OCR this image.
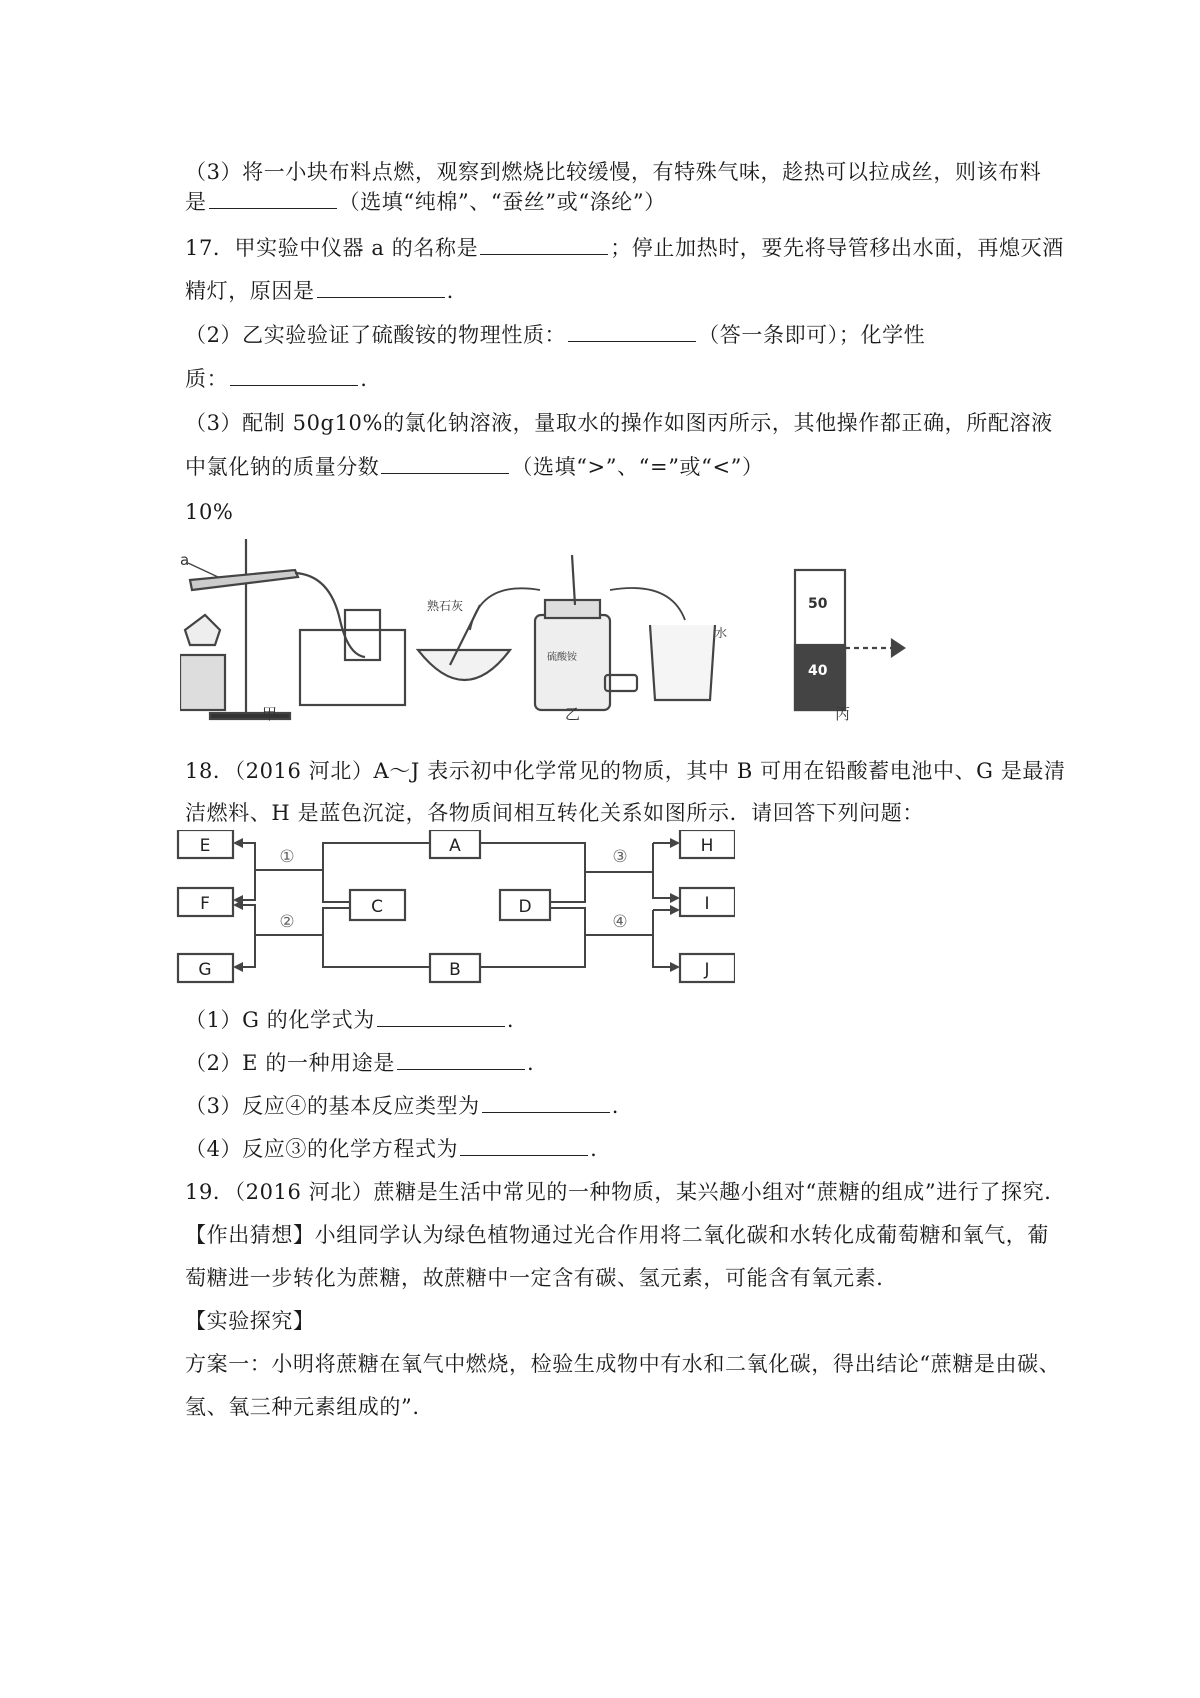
（3）将一小块布料点燃，观察到燃烧比较缓慢，有特殊气味，趁热可以拉成丝，则该布料
是	（选填“纯棉”、“蚕丝”或“涤纶”）
17．甲实验中仪器 a 的名称是	；停止加热时，要先将导管移出水面，再熄灭酒
精灯，原因是	.
（2）乙实验验证了硫酸铵的物理性质：	（答一条即可）；化学性
质：	.
（3）配制 50g10%的氯化钠溶液，量取水的操作如图丙所示，其他操作都正确，所配溶液
中氯化钠的质量分数	（选填“>”、“=”或“<”）
10%
a
甲	乙	丙
熟石灰
硫酸铵
水
50
40
18．（2016 河北）A～J 表示初中化学常见的物质，其中 B 可用在铅酸蓄电池中、G 是最清
洁燃料、H 是蓝色沉淀，各物质间相互转化关系如图所示．请回答下列问题：
E
F
G
C
A
B
D
H
I
J
①
②
③
④
（1）G 的化学式为	.
（2）E 的一种用途是	.
（3）反应④的基本反应类型为	.
（4）反应③的化学方程式为	.
19．（2016 河北）蔗糖是生活中常见的一种物质，某兴趣小组对“蔗糖的组成”进行了探究．
【作出猜想】小组同学认为绿色植物通过光合作用将二氧化碳和水转化成葡萄糖和氧气，葡
萄糖进一步转化为蔗糖，故蔗糖中一定含有碳、氢元素，可能含有氧元素．
【实验探究】
方案一：小明将蔗糖在氧气中燃烧，检验生成物中有水和二氧化碳，得出结论“蔗糖是由碳、
氢、氧三种元素组成的”.
